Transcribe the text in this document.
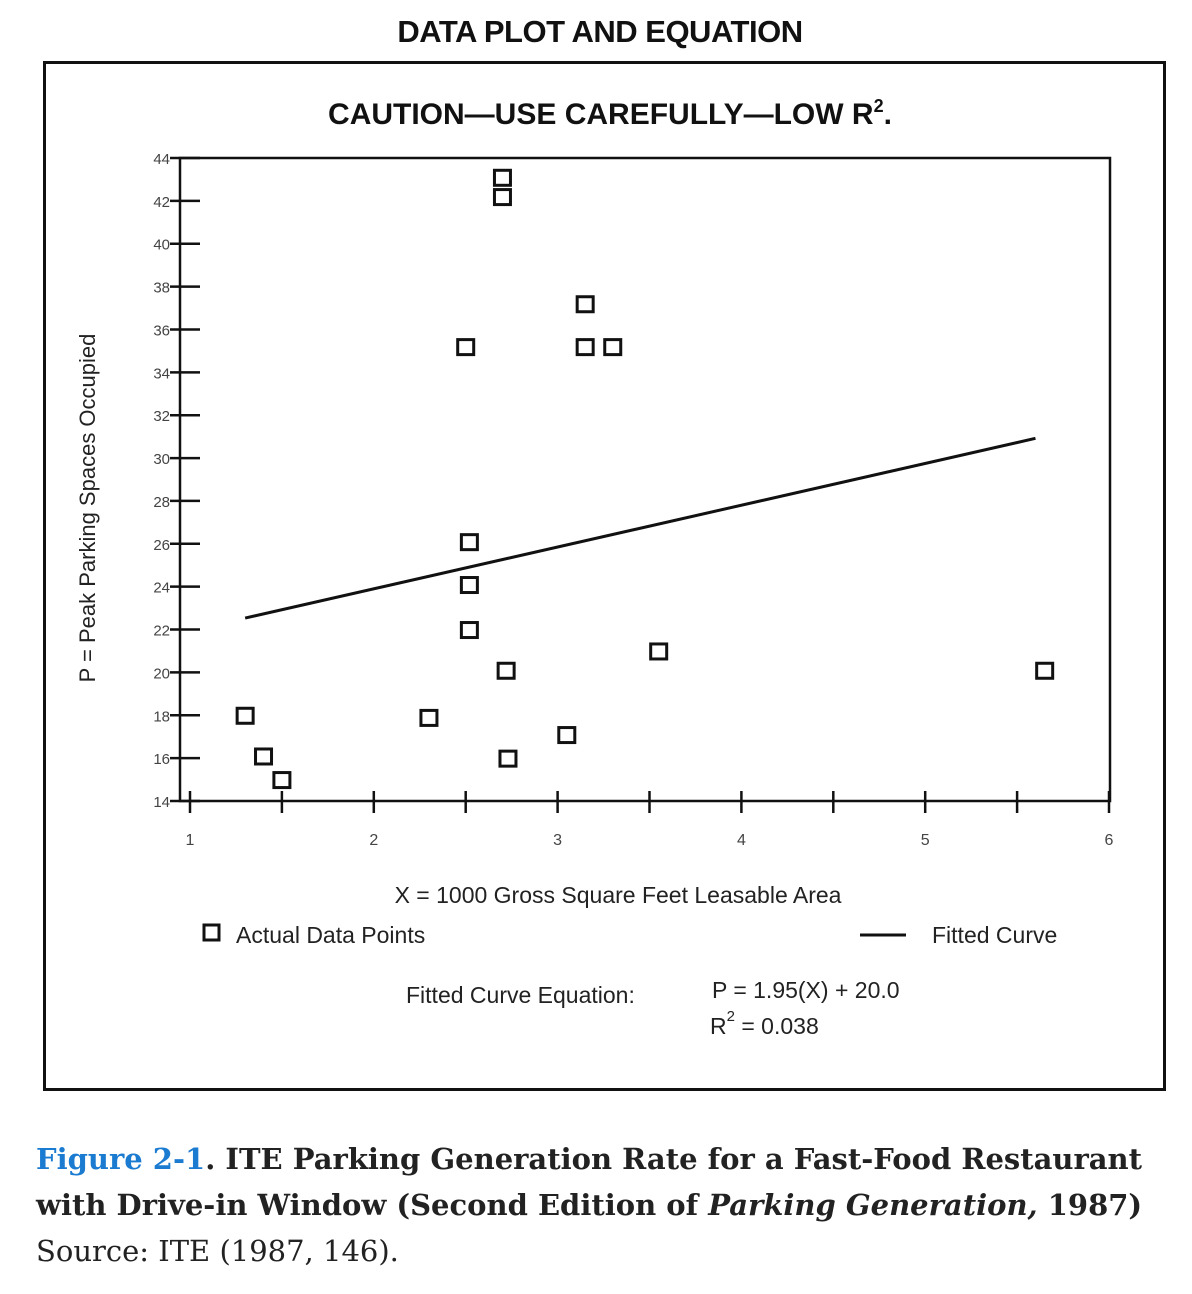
DATA PLOT AND EQUATION
CAUTION—USE CAREFULLY—LOW $R^2$.
14
16
18
20
22
24
26
28
30
32
34
36
38
40
42
44
1	2	3	4	5	6
P = Peak Parking Spaces Occupied
X = 1000 Gross Square Feet Leasable Area
Actual Data Points	Fitted Curve
Fitted Curve Equation:	P = 1.95(X) + 20.0
$R^2 = 0.038$
Figure 2-1. ITE Parking Generation Rate for a Fast-Food Restaurant with Drive-in Window (Second Edition of Parking Generation, 1987) Source: ITE (1987, 146).
